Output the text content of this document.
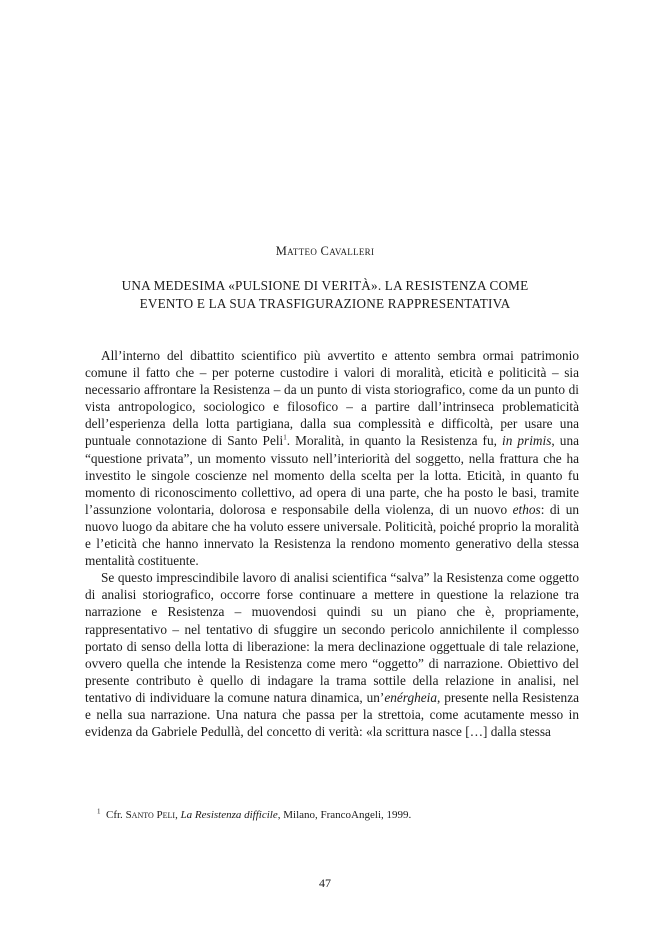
Matteo Cavalleri
UNA MEDESIMA «PULSIONE DI VERITÀ». LA RESISTENZA COME
EVENTO E LA SUA TRASFIGURAZIONE RAPPRESENTATIVA

All’interno del dibattito scientifico più avvertito e attento sembra ormai patrimonio comune il fatto che – per poterne custodire i valori di moralità, eticità e politicità – sia necessario affrontare la Resistenza – da un punto di vista storiografico, come da un punto di vista antropologico, sociologico e filosofico – a partire dall’intrinseca problematicità dell’esperienza della lotta partigiana, dalla sua complessità e difficoltà, per usare una puntuale connotazione di Santo Peli$^1$. Moralità, in quanto la Resistenza fu, in primis, una “questione privata”, un momento vissuto nell’interiorità del soggetto, nella frattura che ha investito le singole coscienze nel momento della scelta per la lotta. Eticità, in quanto fu momento di riconoscimento collettivo, ad opera di una parte, che ha posto le basi, tramite l’assunzione volontaria, dolorosa e responsabile della violenza, di un nuovo ethos: di un nuovo luogo da abitare che ha voluto essere universale. Politicità, poiché proprio la moralità e l’eticità che hanno innervato la Resistenza la rendono momento generativo della stessa mentalità costituente.

Se questo imprescindibile lavoro di analisi scientifica “salva” la Resistenza come oggetto di analisi storiografico, occorre forse continuare a mettere in questione la relazione tra narrazione e Resistenza – muovendosi quindi su un piano che è, propriamente, rappresentativo – nel tentativo di sfuggire un secondo pericolo annichilente il complesso portato di senso della lotta di liberazione: la mera declinazione oggettuale di tale relazione, ovvero quella che intende la Resistenza come mero “oggetto” di narrazione. Obiettivo del presente contributo è quello di indagare la trama sottile della relazione in analisi, nel tentativo di individuare la comune natura dinamica, un’enérgheia, presente nella Resistenza e nella sua narrazione. Una natura che passa per la strettoia, come acutamente messo in evidenza da Gabriele Pedullà, del concetto di verità: «la scrittura nasce […] dalla stessa

$^1$ Cfr. Santo Peli, La Resistenza difficile, Milano, FrancoAngeli, 1999.
47
